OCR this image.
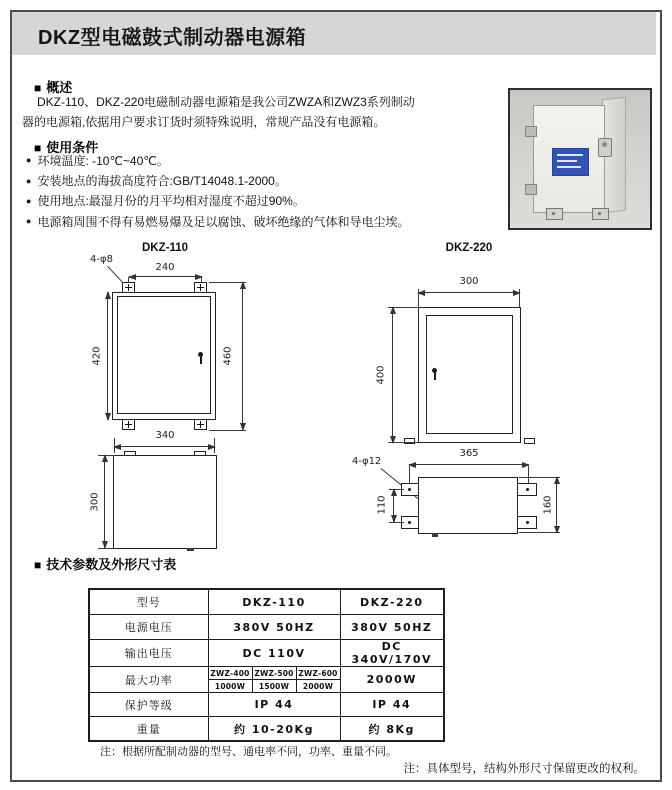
DKZ型电磁鼓式制动器电源箱
■ 概述
DKZ-110、DKZ-220电磁制动器电源箱是我公司ZWZA和ZWZ3系列制动
器的电源箱,依据用户要求订货时须特殊说明，常规产品没有电源箱。
■ 使用条件
● 环境温度: -10℃~40℃。
● 安装地点的海拔高度符合:GB/T14048.1-2000。
● 使用地点:最湿月份的月平均相对湿度不超过90%。
● 电源箱周围不得有易燃易爆及足以腐蚀、破坏绝缘的气体和导电尘埃。
DKZ-110
4-φ8
240
420	460
340
300
DKZ-220
300
400
365
4-φ12
110	160
■ 技术参数及外形尺寸表
型号	DKZ-110			DKZ-220
电源电压	380V 50HZ			380V 50HZ
输出电压	DC 110V			DC 340V/170V
最大功率	ZWZ-400	ZWZ-500	ZWZ-600	2000W
	1000W	1500W	2000W	
保护等级	IP 44			IP 44
重量	约 10-20Kg			约 8Kg
注：根据所配制动器的型号、通电率不同，功率、重量不同。
注：具体型号，结构外形尺寸保留更改的权利。
